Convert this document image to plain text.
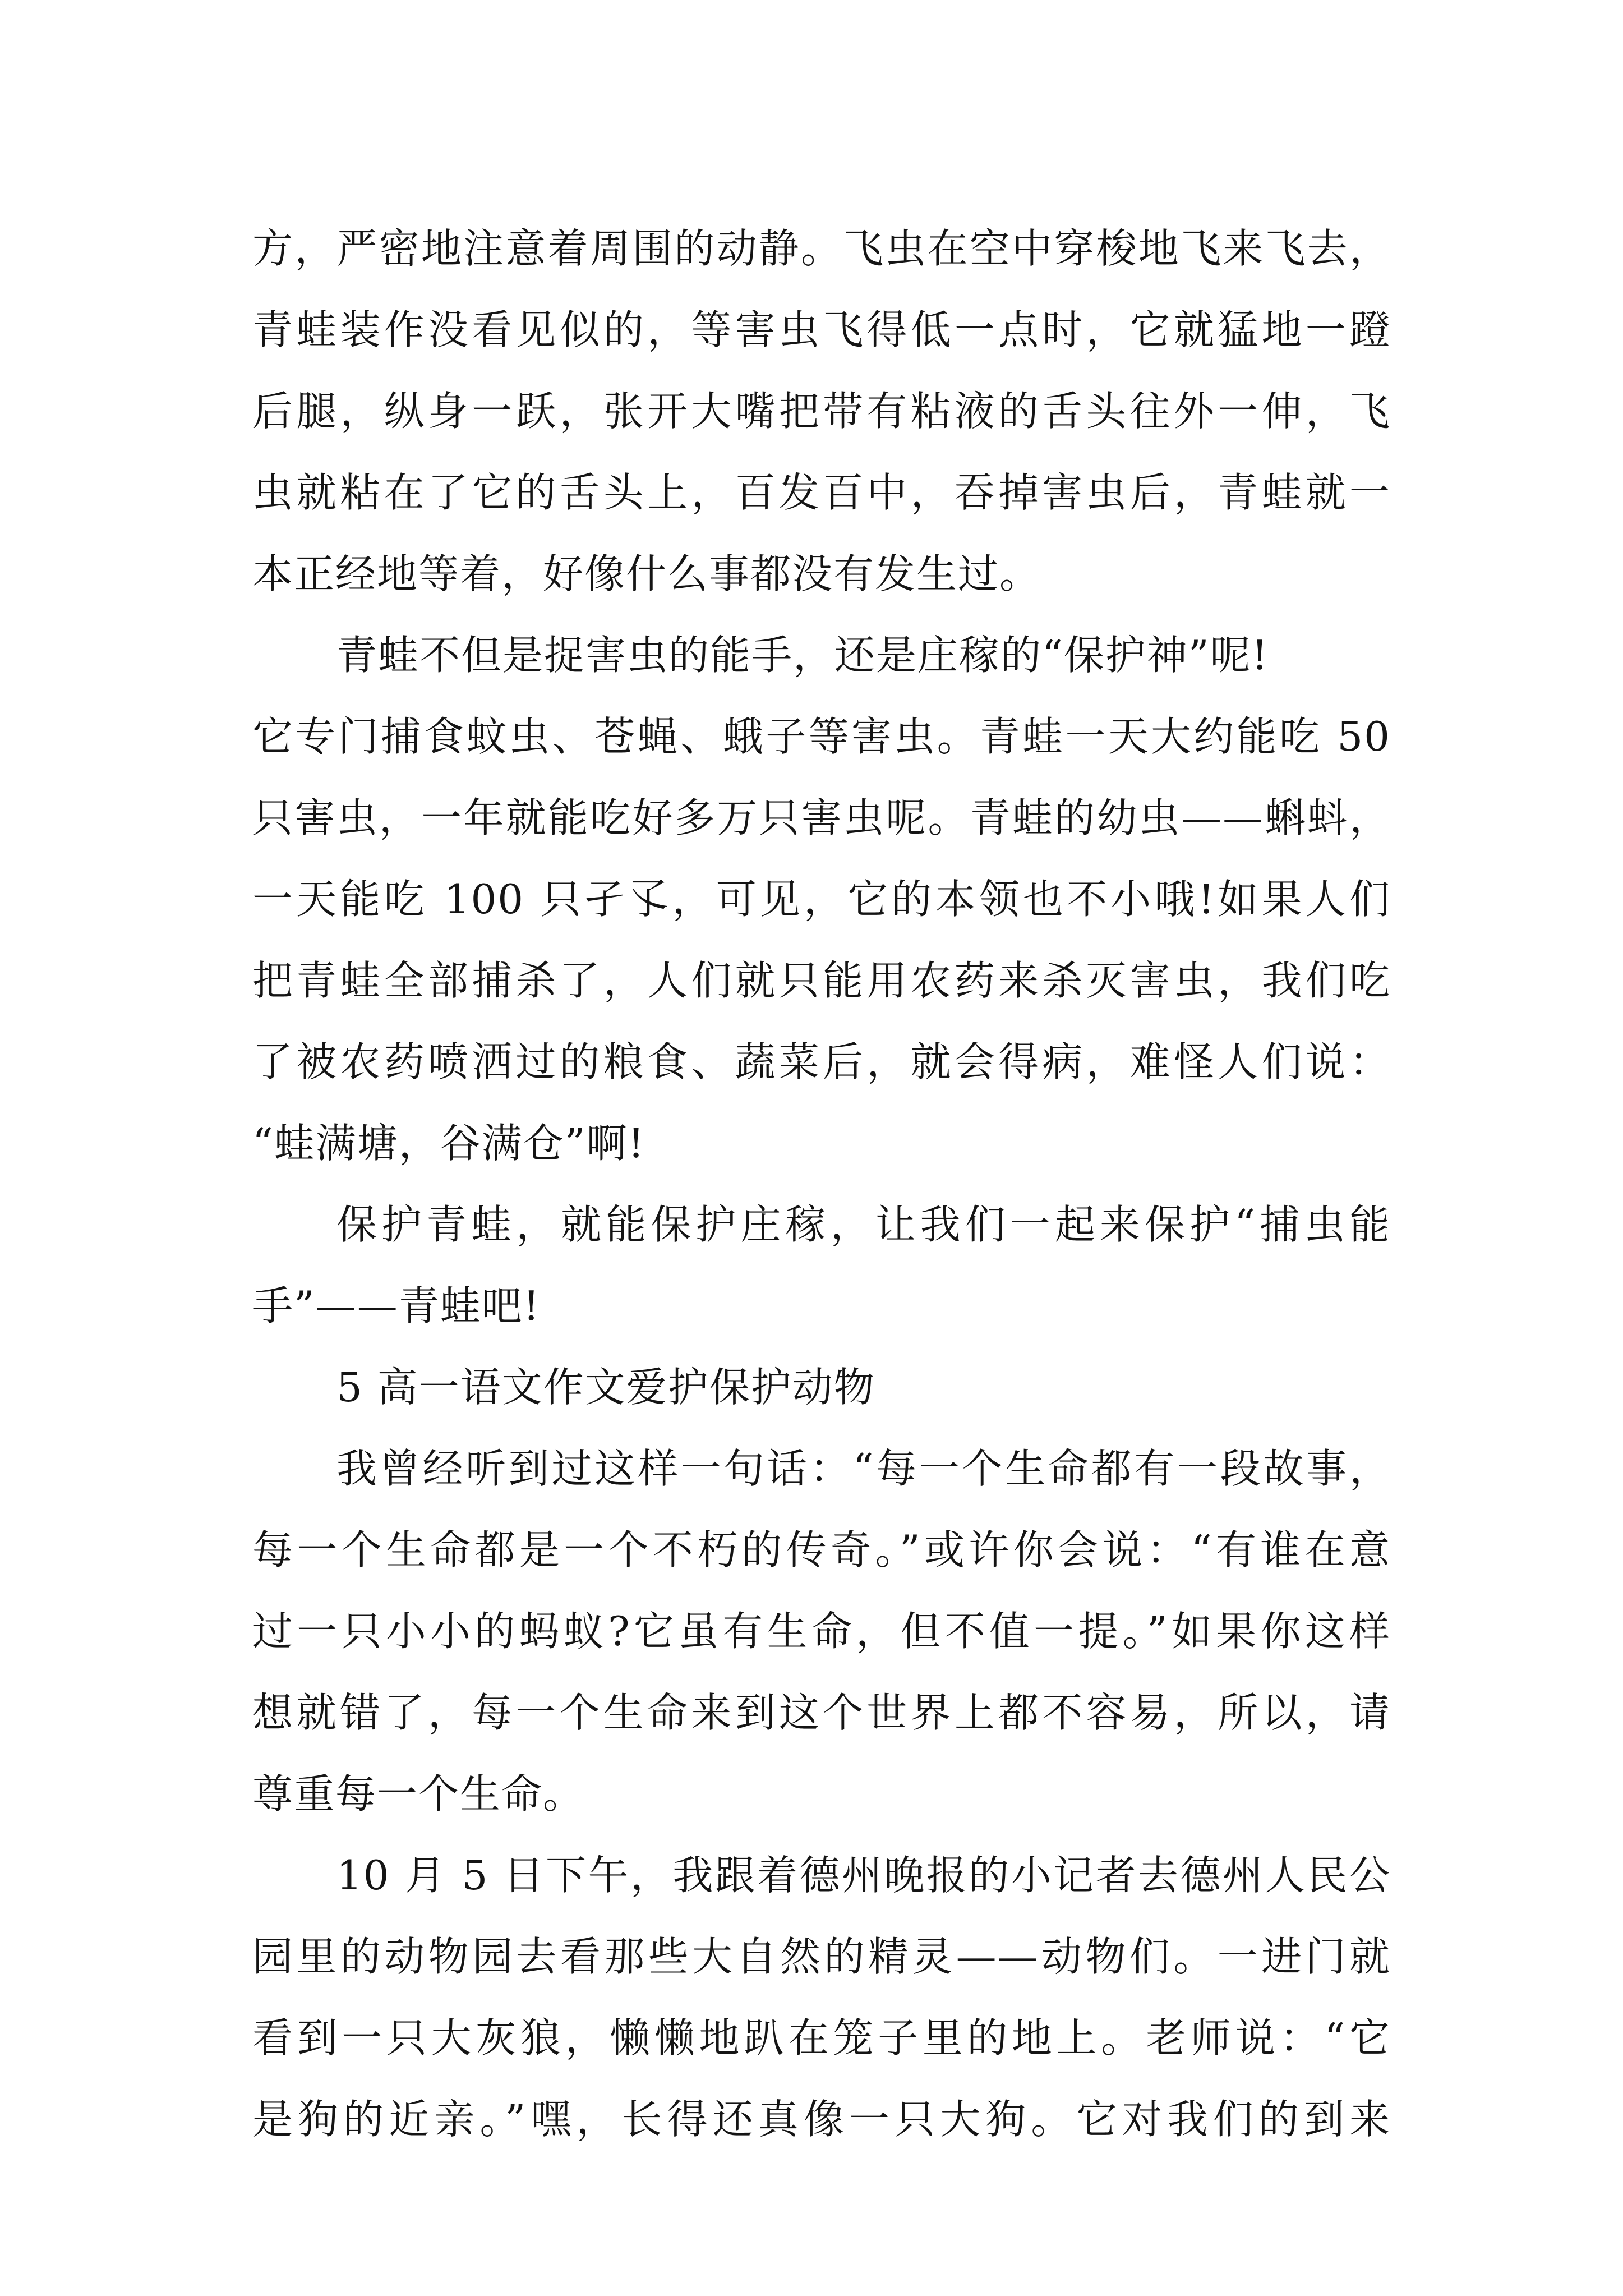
方，严密地注意着周围的动静。飞虫在空中穿梭地飞来飞去，
青蛙装作没看见似的，等害虫飞得低一点时，它就猛地一蹬
后腿，纵身一跃，张开大嘴把带有粘液的舌头往外一伸，飞
虫就粘在了它的舌头上，百发百中，吞掉害虫后，青蛙就一
本正经地等着，好像什么事都没有发生过。
青蛙不但是捉害虫的能手，还是庄稼的“保护神”呢!
它专门捕食蚊虫、苍蝇、蛾子等害虫。青蛙一天大约能吃 50
只害虫，一年就能吃好多万只害虫呢。青蛙的幼虫——蝌蚪，
一天能吃 100 只孑孓，可见，它的本领也不小哦!如果人们
把青蛙全部捕杀了，人们就只能用农药来杀灭害虫，我们吃
了被农药喷洒过的粮食、蔬菜后，就会得病，难怪人们说：
“蛙满塘，谷满仓”啊!
保护青蛙，就能保护庄稼，让我们一起来保护“捕虫能
手”——青蛙吧!
5 高一语文作文爱护保护动物
我曾经听到过这样一句话：“每一个生命都有一段故事，
每一个生命都是一个不朽的传奇。”或许你会说：“有谁在意
过一只小小的蚂蚁?它虽有生命，但不值一提。”如果你这样
想就错了，每一个生命来到这个世界上都不容易，所以，请
尊重每一个生命。
10 月 5 日下午，我跟着德州晚报的小记者去德州人民公
园里的动物园去看那些大自然的精灵——动物们。一进门就
看到一只大灰狼，懒懒地趴在笼子里的地上。老师说：“它
是狗的近亲。”嘿，长得还真像一只大狗。它对我们的到来
